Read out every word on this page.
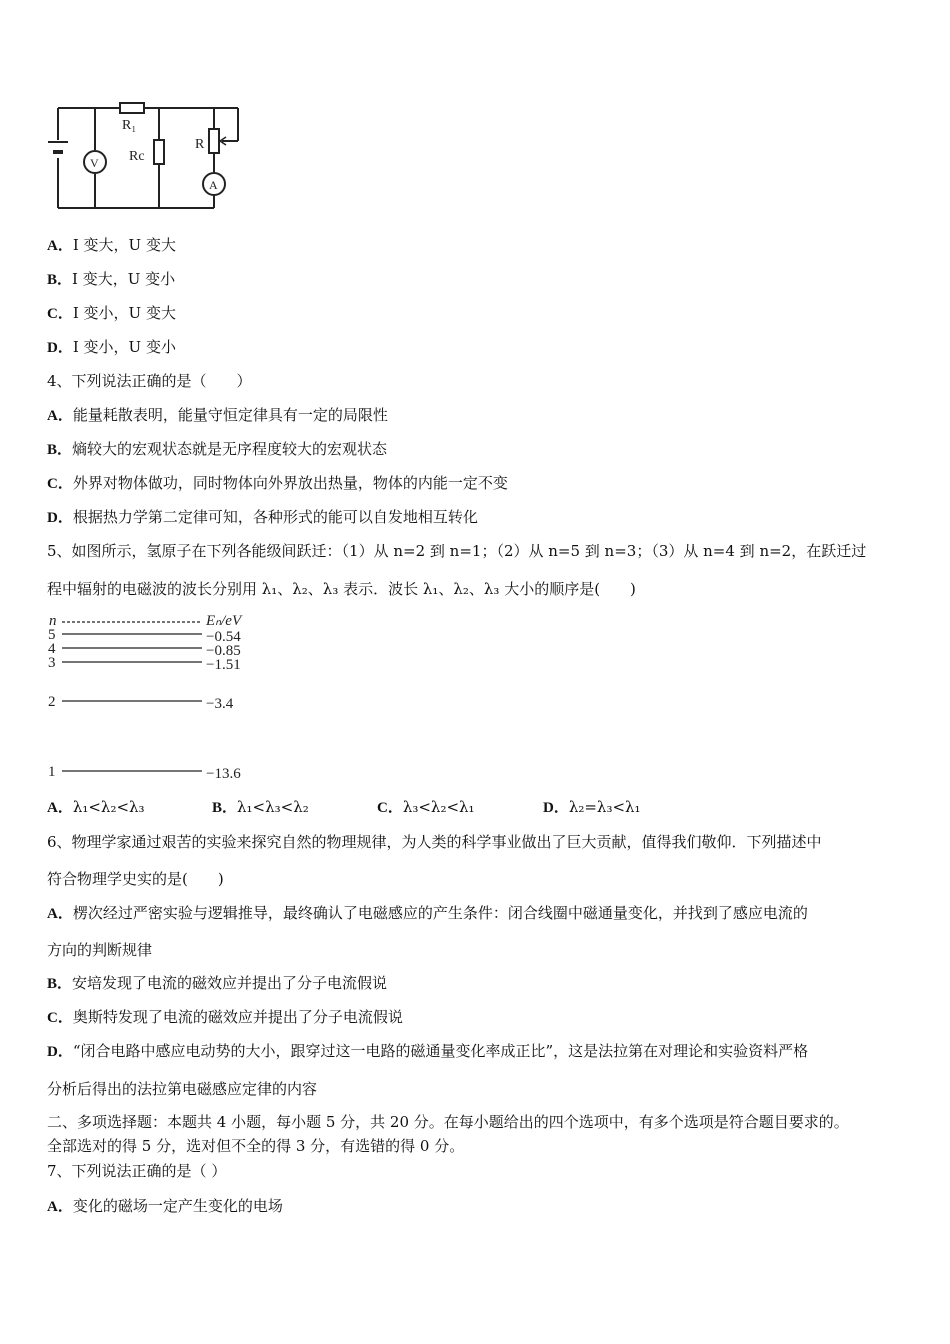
R₁
Rc
R
V
A
A．I 变大，U 变大
B．I 变大，U 变小
C．I 变小，U 变大
D．I 变小，U 变小
4、下列说法正确的是（　　）
A．能量耗散表明，能量守恒定律具有一定的局限性
B．熵较大的宏观状态就是无序程度较大的宏观状态
C．外界对物体做功，同时物体向外界放出热量，物体的内能一定不变
D．根据热力学第二定律可知，各种形式的能可以自发地相互转化
5、如图所示，氢原子在下列各能级间跃迁：（1）从 n=2 到 n=1；（2）从 n=5 到 n=3；（3）从 n=4 到 n=2，在跃迁过
程中辐射的电磁波的波长分别用 λ₁、λ₂、λ₃ 表示．波长 λ₁、λ₂、λ₃ 大小的顺序是(　　)
n	Eₙ/eV
5	−0.54
4	−0.85
3	−1.51
2	−3.4
1	−13.6
A．λ₁<λ₂<λ₃	B．λ₁<λ₃<λ₂	C．λ₃<λ₂<λ₁	D．λ₂=λ₃<λ₁
6、物理学家通过艰苦的实验来探究自然的物理规律，为人类的科学事业做出了巨大贡献，值得我们敬仰．下列描述中
符合物理学史实的是(　　)
A．楞次经过严密实验与逻辑推导，最终确认了电磁感应的产生条件：闭合线圈中磁通量变化，并找到了感应电流的
方向的判断规律
B．安培发现了电流的磁效应并提出了分子电流假说
C．奥斯特发现了电流的磁效应并提出了分子电流假说
D．“闭合电路中感应电动势的大小，跟穿过这一电路的磁通量变化率成正比”，这是法拉第在对理论和实验资料严格
分析后得出的法拉第电磁感应定律的内容
二、多项选择题：本题共 4 小题，每小题 5 分，共 20 分。在每小题给出的四个选项中，有多个选项是符合题目要求的。
全部选对的得 5 分，选对但不全的得 3 分，有选错的得 0 分。
7、下列说法正确的是（ ）
A．变化的磁场一定产生变化的电场
